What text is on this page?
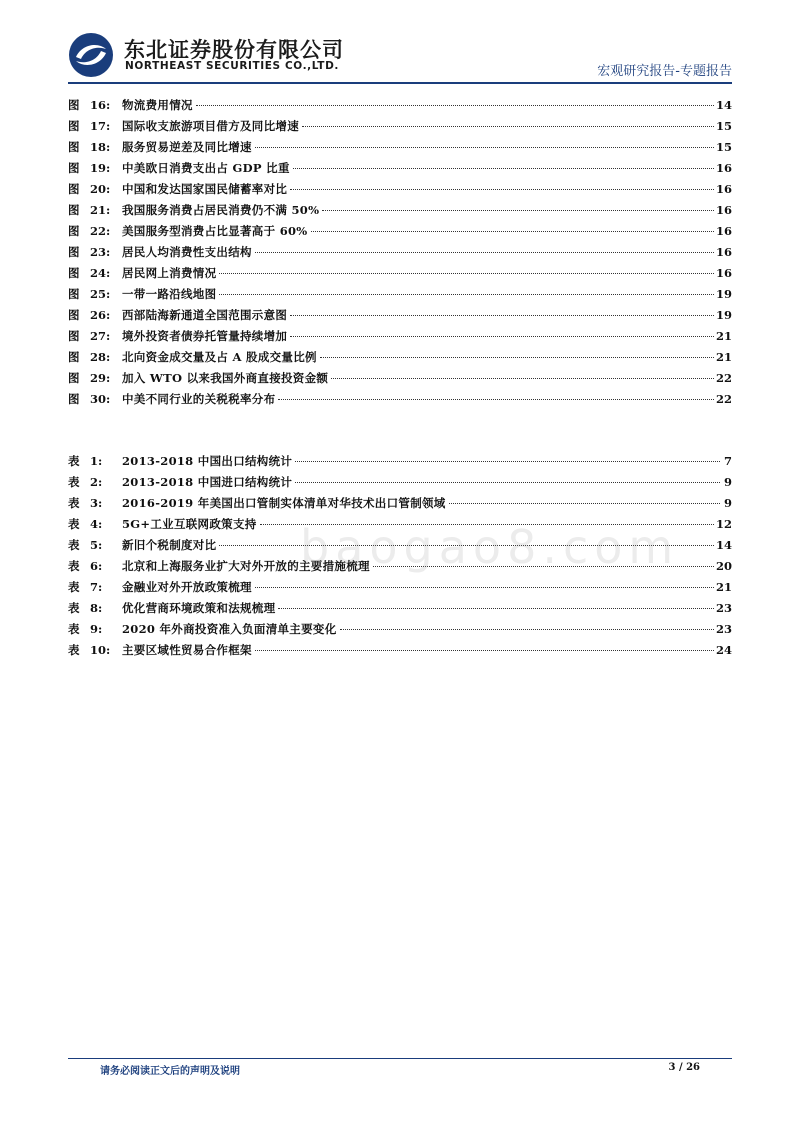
东北证券股份有限公司
NORTHEAST SECURITIES CO.,LTD.	宏观研究报告-专题报告
图 16:	物流费用情况	14
图 17:	国际收支旅游项目借方及同比增速	15
图 18:	服务贸易逆差及同比增速	15
图 19:	中美欧日消费支出占 GDP 比重	16
图 20:	中国和发达国家国民储蓄率对比	16
图 21:	我国服务消费占居民消费仍不满 50%	16
图 22:	美国服务型消费占比显著高于 60%	16
图 23:	居民人均消费性支出结构	16
图 24:	居民网上消费情况	16
图 25:	一带一路沿线地图	19
图 26:	西部陆海新通道全国范围示意图	19
图 27:	境外投资者债券托管量持续增加	21
图 28:	北向资金成交量及占 A 股成交量比例	21
图 29:	加入 WTO 以来我国外商直接投资金额	22
图 30:	中美不同行业的关税税率分布	22
表 1:	2013-2018 中国出口结构统计	7
表 2:	2013-2018 中国进口结构统计	9
表 3:	2016-2019 年美国出口管制实体清单对华技术出口管制领域	9
表 4:	5G+工业互联网政策支持	12
表 5:	新旧个税制度对比	14
表 6:	北京和上海服务业扩大对外开放的主要措施梳理	20
表 7:	金融业对外开放政策梳理	21
表 8:	优化营商环境政策和法规梳理	23
表 9:	2020 年外商投资准入负面清单主要变化	23
表 10:	主要区域性贸易合作框架	24
baogao8.com
请务必阅读正文后的声明及说明	3 / 26
